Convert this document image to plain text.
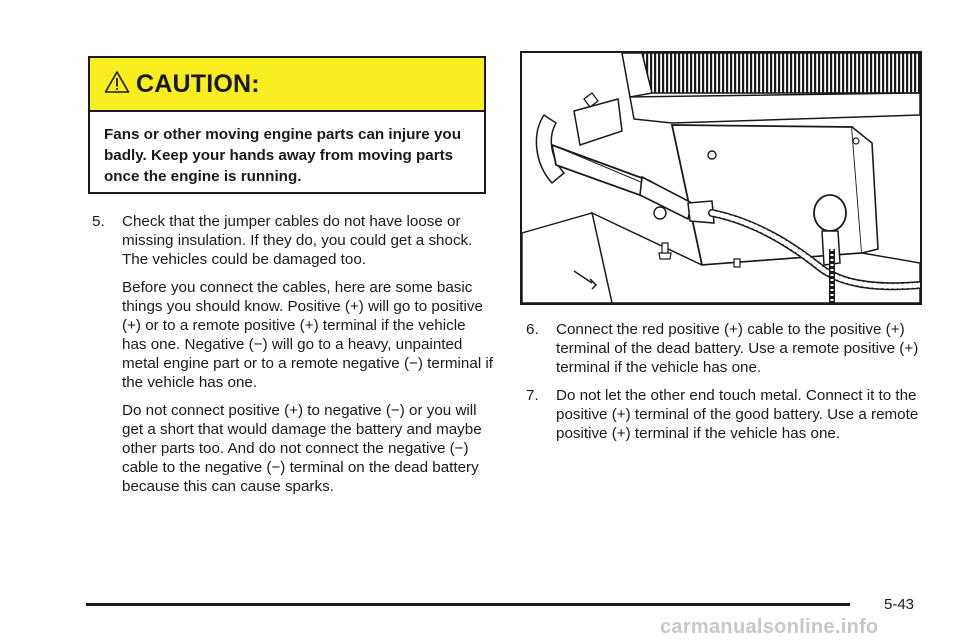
CAUTION:
Fans or other moving engine parts can injure you badly. Keep your hands away from moving parts once the engine is running.
5. Check that the jumper cables do not have loose or missing insulation. If they do, you could get a shock. The vehicles could be damaged too.
Before you connect the cables, here are some basic things you should know. Positive (+) will go to positive (+) or to a remote positive (+) terminal if the vehicle has one. Negative (−) will go to a heavy, unpainted metal engine part or to a remote negative (−) terminal if the vehicle has one.
Do not connect positive (+) to negative (−) or you will get a short that would damage the battery and maybe other parts too. And do not connect the negative (−) cable to the negative (−) terminal on the dead battery because this can cause sparks.
6. Connect the red positive (+) cable to the positive (+) terminal of the dead battery. Use a remote positive (+) terminal if the vehicle has one.
7. Do not let the other end touch metal. Connect it to the positive (+) terminal of the good battery. Use a remote positive (+) terminal if the vehicle has one.
5-43
carmanualsonline.info
